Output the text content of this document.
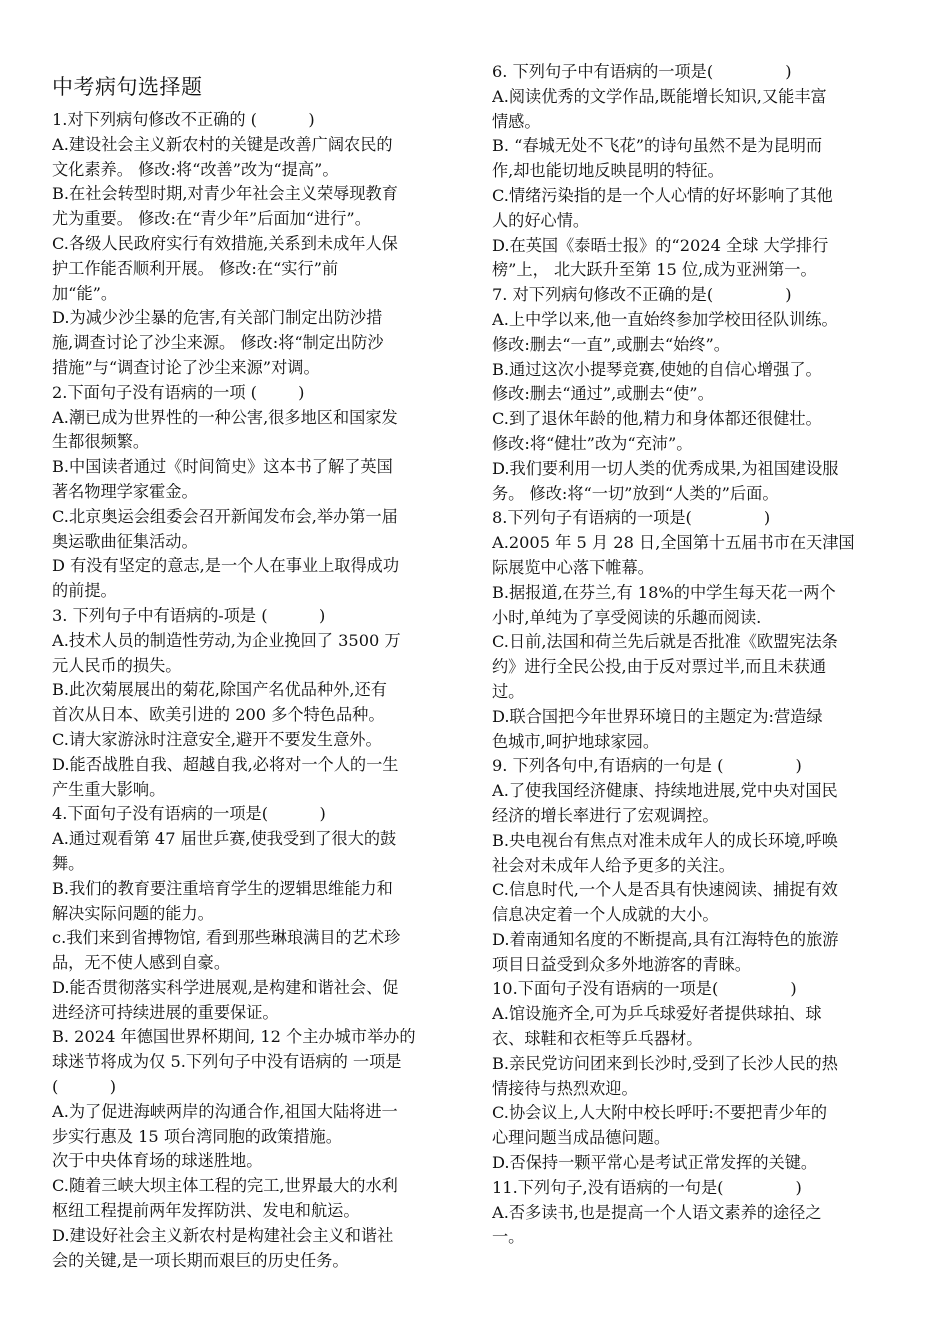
中考病句选择题
1.对下列病句修改不正确的 (          )
A.建设社会主义新农村的关键是改善广阔农民的
文化素养。 修改:将“改善”改为“提高”。
B.在社会转型时期,对青少年社会主义荣辱现教育
尤为重要。 修改:在“青少年”后面加“进行”。
C.各级人民政府实行有效措施,关系到未成年人保
护工作能否顺利开展。 修改:在“实行”前
加“能”。
D.为减少沙尘暴的危害,有关部门制定出防沙措
施,调查讨论了沙尘来源。 修改:将“制定出防沙
措施”与“调查讨论了沙尘来源”对调。
2.下面句子没有语病的一项 (        )
A.潮已成为世界性的一种公害,很多地区和国家发
生都很频繁。
B.中国读者通过《时间简史》这本书了解了英国
著名物理学家霍金。
C.北京奥运会组委会召开新闻发布会,举办第一届
奥运歌曲征集活动。
D 有没有坚定的意志,是一个人在事业上取得成功
的前提。
3. 下列句子中有语病的-项是 (          )
A.技术人员的制造性劳动,为企业挽回了 3500 万
元人民币的损失。
B.此次菊展展出的菊花,除国产名优品种外,还有
首次从日本、欧美引进的 200 多个特色品种。
C.请大家游泳时注意安全,避开不要发生意外。
D.能否战胜自我、超越自我,必将对一个人的一生
产生重大影响。
4.下面句子没有语病的一项是(          )
A.通过观看第 47 届世乒赛,使我受到了很大的鼓
舞。
B.我们的教育要注重培育学生的逻辑思维能力和
解决实际问题的能力。
c.我们来到省搏物馆, 看到那些琳琅满目的艺术珍
品，无不使人感到自豪。
D.能否贯彻落实科学进展观,是构建和谐社会、促
进经济可持续进展的重要保证。
B. 2024 年德国世界杯期间, 12 个主办城市举办的
球迷节将成为仅 5.下列句子中没有语病的 一项是
(          )
A.为了促进海峡两岸的沟通合作,祖国大陆将进一
步实行惠及 15 项台湾同胞的政策措施。
次于中央体育场的球迷胜地。
C.随着三峡大坝主体工程的完工,世界最大的水利
枢纽工程提前两年发挥防洪、发电和航运。
D.建设好社会主义新农村是构建社会主义和谐社
会的关键,是一项长期而艰巨的历史任务。
6. 下列句子中有语病的一项是(              )
A.阅读优秀的文学作品,既能增长知识,又能丰富
情感。
B. “春城无处不飞花”的诗句虽然不是为昆明而
作,却也能切地反映昆明的特征。
C.情绪污染指的是一个人心情的好坏影响了其他
人的好心情。
D.在英国《泰晤士报》的“2024 全球 大学排行
榜”上， 北大跃升至第 15 位,成为亚洲第一。
7. 对下列病句修改不正确的是(              )
A.上中学以来,他一直始终参加学校田径队训练。
修改:删去“一直”,或删去“始终”。
B.通过这次小提琴竞赛,使她的自信心增强了。
修改:删去“通过”,或删去“使”。
C.到了退休年龄的他,精力和身体都还很健壮。
修改:将“健壮”改为“充沛”。
D.我们要利用一切人类的优秀成果,为祖国建设服
务。 修改:将“一切”放到“人类的”后面。
8.下列句子有语病的一项是(              )
A.2005 年 5 月 28 日,全国第十五届书市在天津国
际展览中心落下帷幕。
B.据报道,在芬兰,有 18%的中学生每天花一两个
小时,单纯为了享受阅读的乐趣而阅读.
C.日前,法国和荷兰先后就是否批准《欧盟宪法条
约》进行全民公投,由于反对票过半,而且未获通
过。
D.联合国把今年世界环境日的主题定为:营造绿
色城市,呵护地球家园。
9. 下列各句中,有语病的一句是 (              )
A.了使我国经济健康、持续地进展,党中央对国民
经济的增长率进行了宏观调控。
B.央电视台有焦点对准未成年人的成长环境,呼唤
社会对未成年人给予更多的关注。
C.信息时代,一个人是否具有快速阅读、捕捉有效
信息决定着一个人成就的大小。
D.着南通知名度的不断提高,具有江海特色的旅游
项目日益受到众多外地游客的青睐。
10.下面句子没有语病的一项是(              )
A.馆设施齐全,可为乒乓球爱好者提供球拍、球
衣、球鞋和衣柜等乒乓器材。
B.亲民党访问团来到长沙时,受到了长沙人民的热
情接待与热烈欢迎。
C.协会议上,人大附中校长呼吁:不要把青少年的
心理问题当成品德问题。
D.否保持一颗平常心是考试正常发挥的关键。
11.下列句子,没有语病的一句是(              )
A.否多读书,也是提高一个人语文素养的途径之
一。
